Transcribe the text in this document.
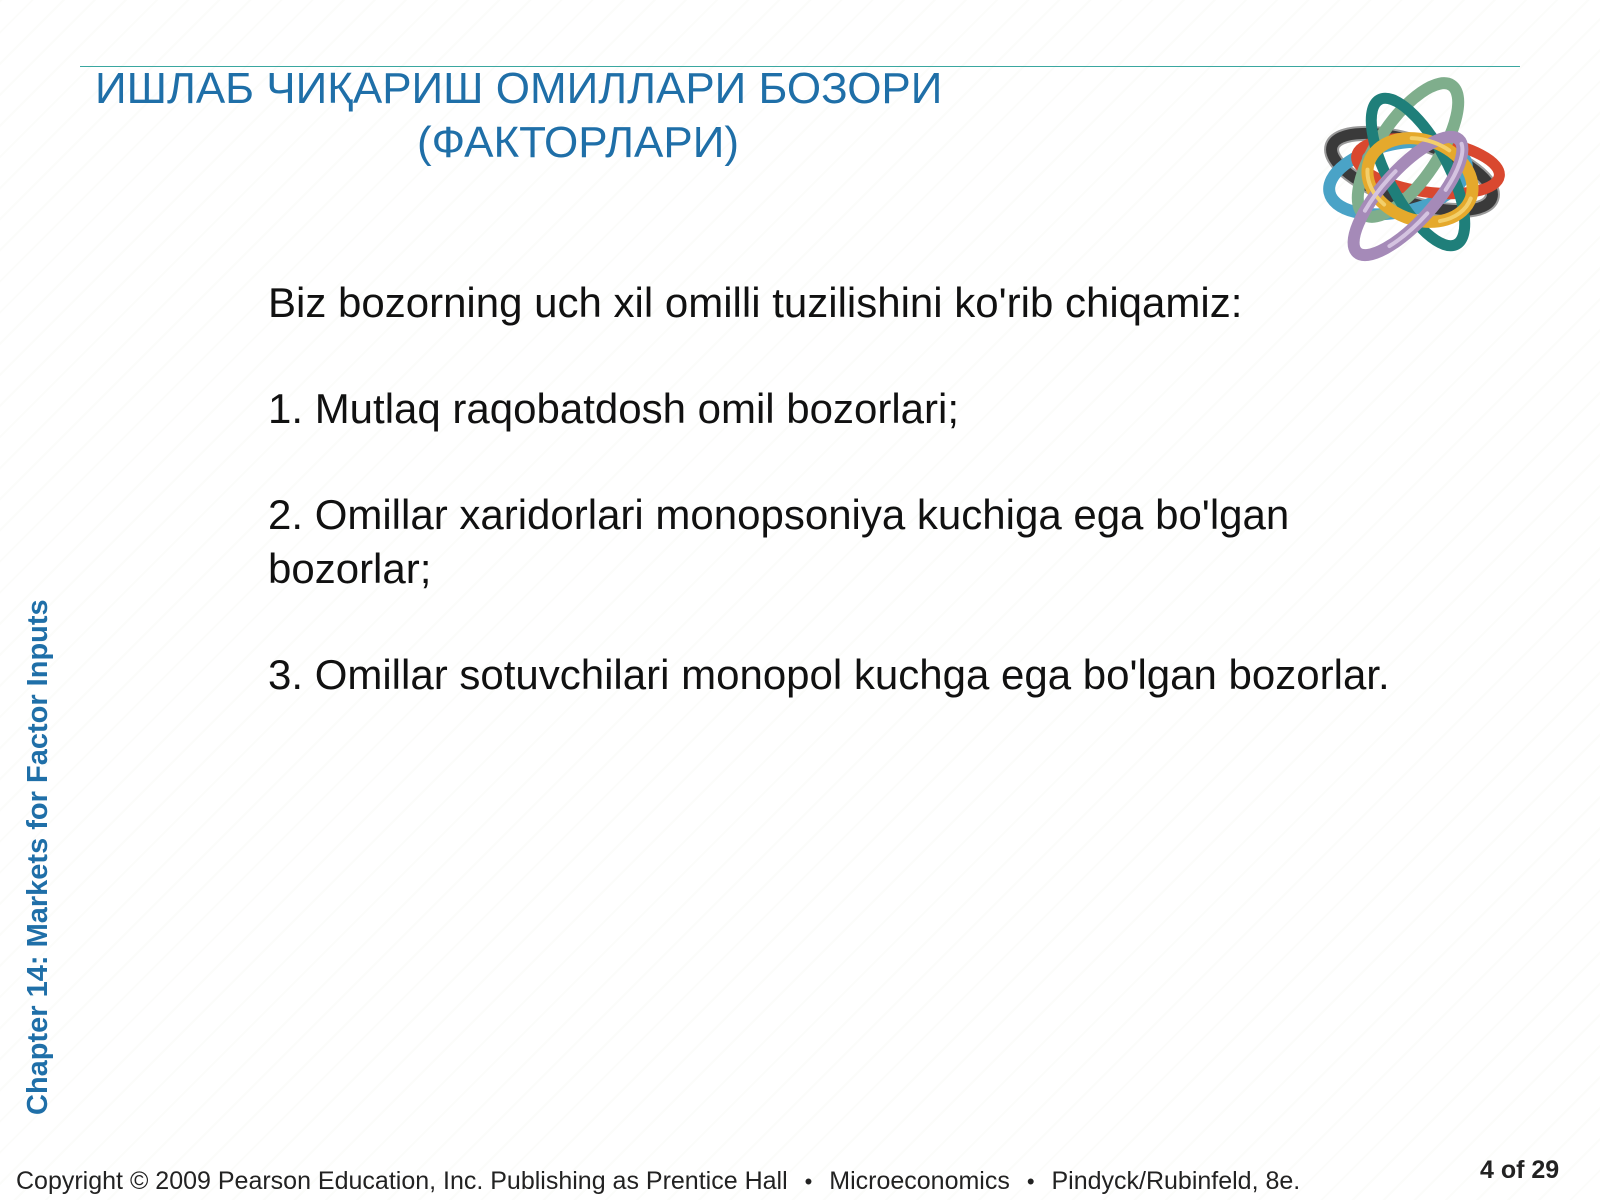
ИШЛАБ ЧИҚАРИШ ОМИЛЛАРИ БОЗОРИ
(ФАКТОРЛАРИ)

Biz bozorning uch xil omilli tuzilishini ko'rib chiqamiz:

1. Mutlaq raqobatdosh omil bozorlari;

2. Omillar xaridorlari monopsoniya kuchiga ega bo'lgan bozorlar;

3. Omillar sotuvchilari monopol kuchga ega bo'lgan bozorlar.

Chapter 14: Markets for Factor Inputs
Copyright © 2009 Pearson Education, Inc. Publishing as Prentice Hall • Microeconomics • Pindyck/Rubinfeld, 8e.	4 of 29
